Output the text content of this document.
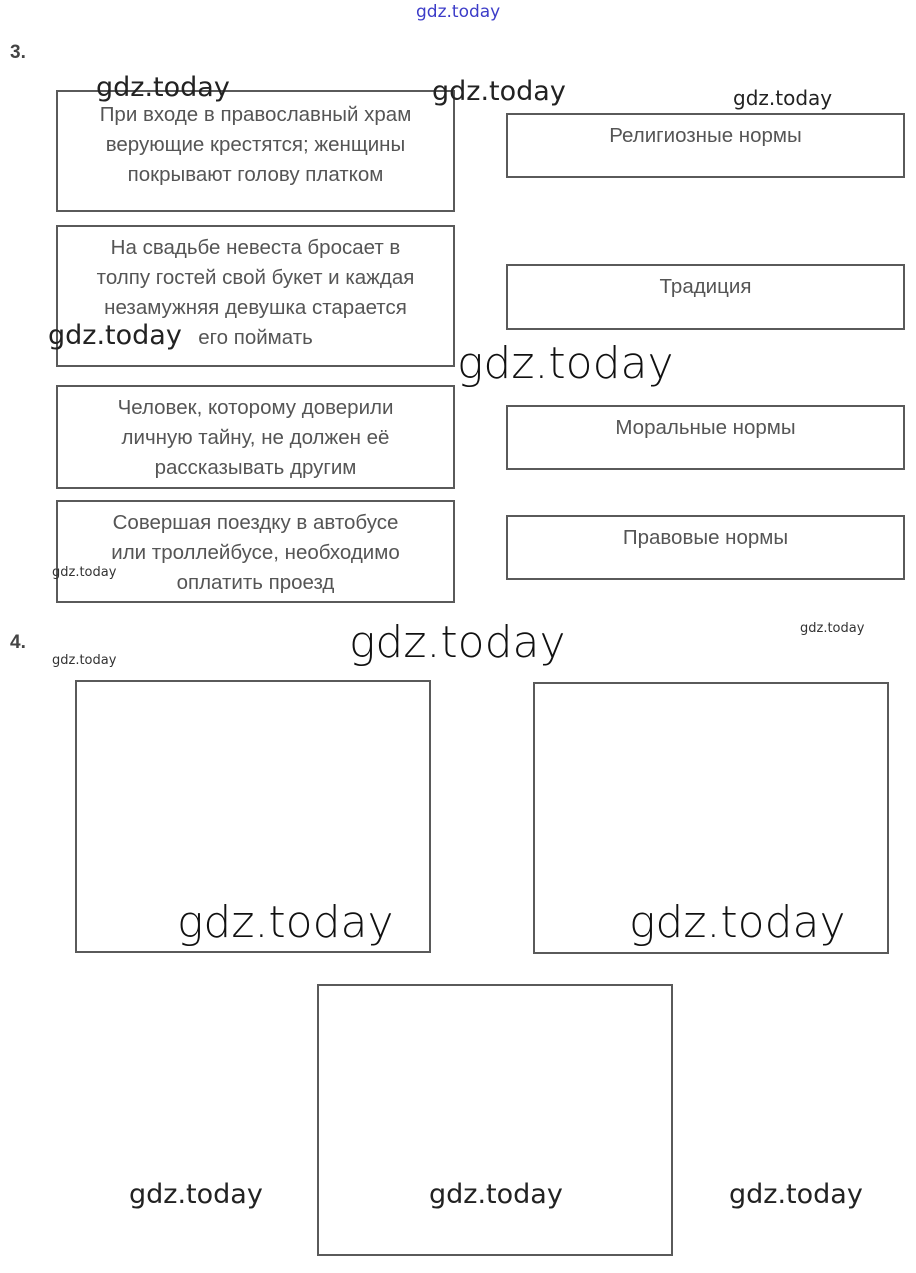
gdz.today
3.
При входе в православный храм
верующие крестятся; женщины
покрывают голову платком
На свадьбе невеста бросает в
толпу гостей свой букет и каждая
незамужняя девушка старается
его поймать
Человек, которому доверили
личную тайну, не должен её
рассказывать другим
Совершая поездку в автобусе
или троллейбусе, необходимо
оплатить проезд
Религиозные нормы
Традиция
Моральные нормы
Правовые нормы
4.
gdz.today	gdz.today	gdz.today
gdz.today
gdz.today
gdz.today
gdz.today	gdz.today
gdz.today
gdz.today	gdz.today
gdz.today	gdz.today	gdz.today
